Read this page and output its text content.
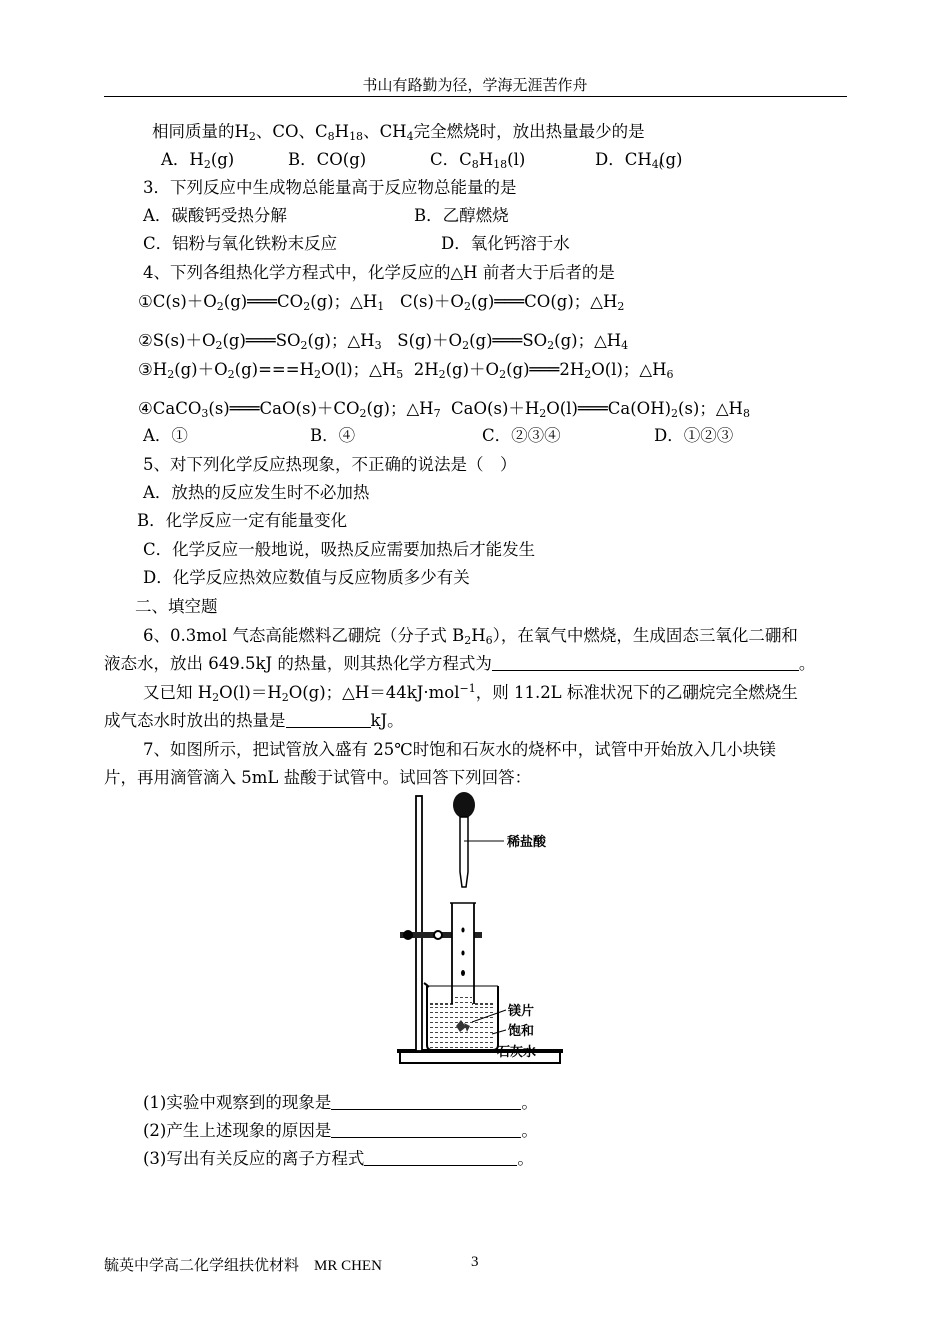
书山有路勤为径，学海无涯苦作舟
相同质量的$H_2$、CO、$C_8H_{18}$、$CH_4$完全燃烧时，放出热量最少的是
A．$H_2(g)$	B．CO(g)	C．$C_8H_{18}(l)$	D．$CH_{4(}(g)$
3．下列反应中生成物总能量高于反应物总能量的是
A．碳酸钙受热分解	B．乙醇燃烧
C．铝粉与氧化铁粉末反应	D．氧化钙溶于水
4、下列各组热化学方程式中，化学反应的△H 前者大于后者的是
$①C(s)+O_2(g)═══CO_2(g)$；$\triangle H_1$   $C(s)+O_2(g)═══CO(g)$；$\triangle H_2$
$②S(s)+O_2(g)═══SO_2(g)$；$\triangle H_3$   $S(g)+O_2(g)═══SO_2(g)$；$\triangle H_4$
$③H_2(g)+O_2(g)===H_2O(l)$；$\triangle H_5$  $2H_2(g)+O_2(g)═══2H_2O(l)$；$\triangle H_6$
$④CaCO_3(s)═══CaO(s)+CO_2(g)$；$\triangle H_7$  $CaO(s)+H_2O(l)═══Ca(OH)_2(s)$；$\triangle H_8$
A．①	B．④	C．②③④	D．①②③
5、对下列化学反应热现象，不正确的说法是（　）
A．放热的反应发生时不必加热
B．化学反应一定有能量变化
C．化学反应一般地说，吸热反应需要加热后才能发生
D．化学反应热效应数值与反应物质多少有关
二、填空题
6、0.3mol 气态高能燃料乙硼烷（分子式 $B_2H_6$），在氧气中燃烧，生成固态三氧化二硼和
液态水，放出 649.5kJ 的热量，则其热化学方程式为	。
又已知 $H_2O(l)=H_2O(g)$；△H＝44kJ·mol$^{-1}$，则 11.2L 标准状况下的乙硼烷完全燃烧生
成气态水时放出的热量是	kJ。
7、如图所示，把试管放入盛有 25℃时饱和石灰水的烧杯中，试管中开始放入几小块镁
片，再用滴管滴入 5mL 盐酸于试管中。试回答下列回答：
稀盐酸
镁片
饱和
石灰水
(1)实验中观察到的现象是	。
(2)产生上述现象的原因是	。
(3)写出有关反应的离子方程式	。
毓英中学高二化学组扶优材料　MR CHEN	3
